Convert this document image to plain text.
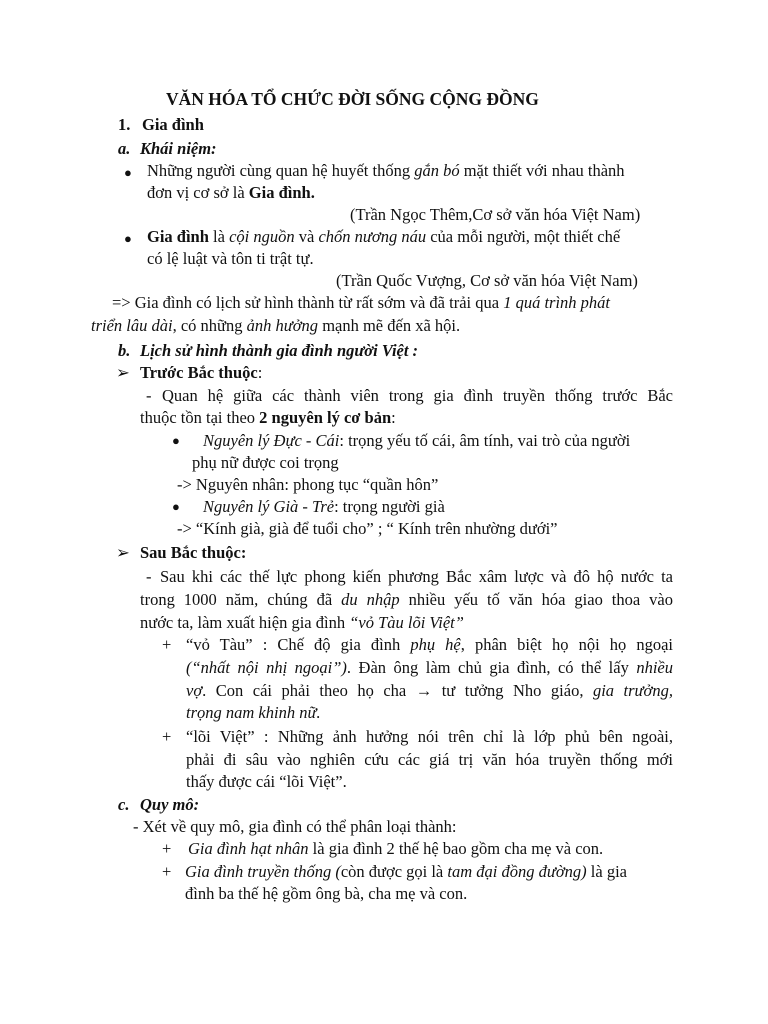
VĂN HÓA TỔ CHỨC ĐỜI SỐNG CỘNG ĐỒNG
1. Gia đình
a. Khái niệm:
● Những người cùng quan hệ huyết thống gắn bó mặt thiết với nhau thành
đơn vị cơ sở là Gia đình.
(Trần Ngọc Thêm,Cơ sở văn hóa Việt Nam)
● Gia đình là cội nguồn và chốn nương náu của mỗi người, một thiết chế
có lệ luật và tôn ti trật tự.
(Trần Quốc Vượng, Cơ sở văn hóa Việt Nam)
=> Gia đình có lịch sử hình thành từ rất sớm và đã trải qua 1 quá trình phát
triển lâu dài, có những ảnh hưởng mạnh mẽ đến xã hội.
b. Lịch sử hình thành gia đình người Việt :
➢ Trước Bắc thuộc:
- Quan hệ giữa các thành viên trong gia đình truyền thống trước Bắc
thuộc tồn tại theo 2 nguyên lý cơ bản:
● Nguyên lý Đực - Cái: trọng yếu tố cái, âm tính, vai trò của người
phụ nữ được coi trọng
-> Nguyên nhân: phong tục “quần hôn”
● Nguyên lý Già - Trẻ: trọng người già
-> “Kính già, già để tuổi cho” ; “ Kính trên nhường dưới”
➢ Sau Bắc thuộc:
- Sau khi các thế lực phong kiến phương Bắc xâm lược và đô hộ nước ta
trong 1000 năm, chúng đã du nhập nhiều yếu tố văn hóa giao thoa vào
nước ta, làm xuất hiện gia đình “vỏ Tàu lõi Việt”
+ “vỏ Tàu” : Chế độ gia đình phụ hệ, phân biệt họ nội họ ngoại
(“nhất nội nhị ngoại”). Đàn ông làm chủ gia đình, có thể lấy nhiều
vợ. Con cái phải theo họ cha → tư tưởng Nho giáo, gia trưởng,
trọng nam khinh nữ.
+ “lõi Việt” : Những ảnh hưởng nói trên chỉ là lớp phủ bên ngoài,
phải đi sâu vào nghiên cứu các giá trị văn hóa truyền thống mới
thấy được cái “lõi Việt”.
c. Quy mô:
- Xét về quy mô, gia đình có thể phân loại thành:
+ Gia đình hạt nhân là gia đình 2 thế hệ bao gồm cha mẹ và con.
+ Gia đình truyền thống (còn được gọi là tam đại đồng đường) là gia
đình ba thế hệ gồm ông bà, cha mẹ và con.
